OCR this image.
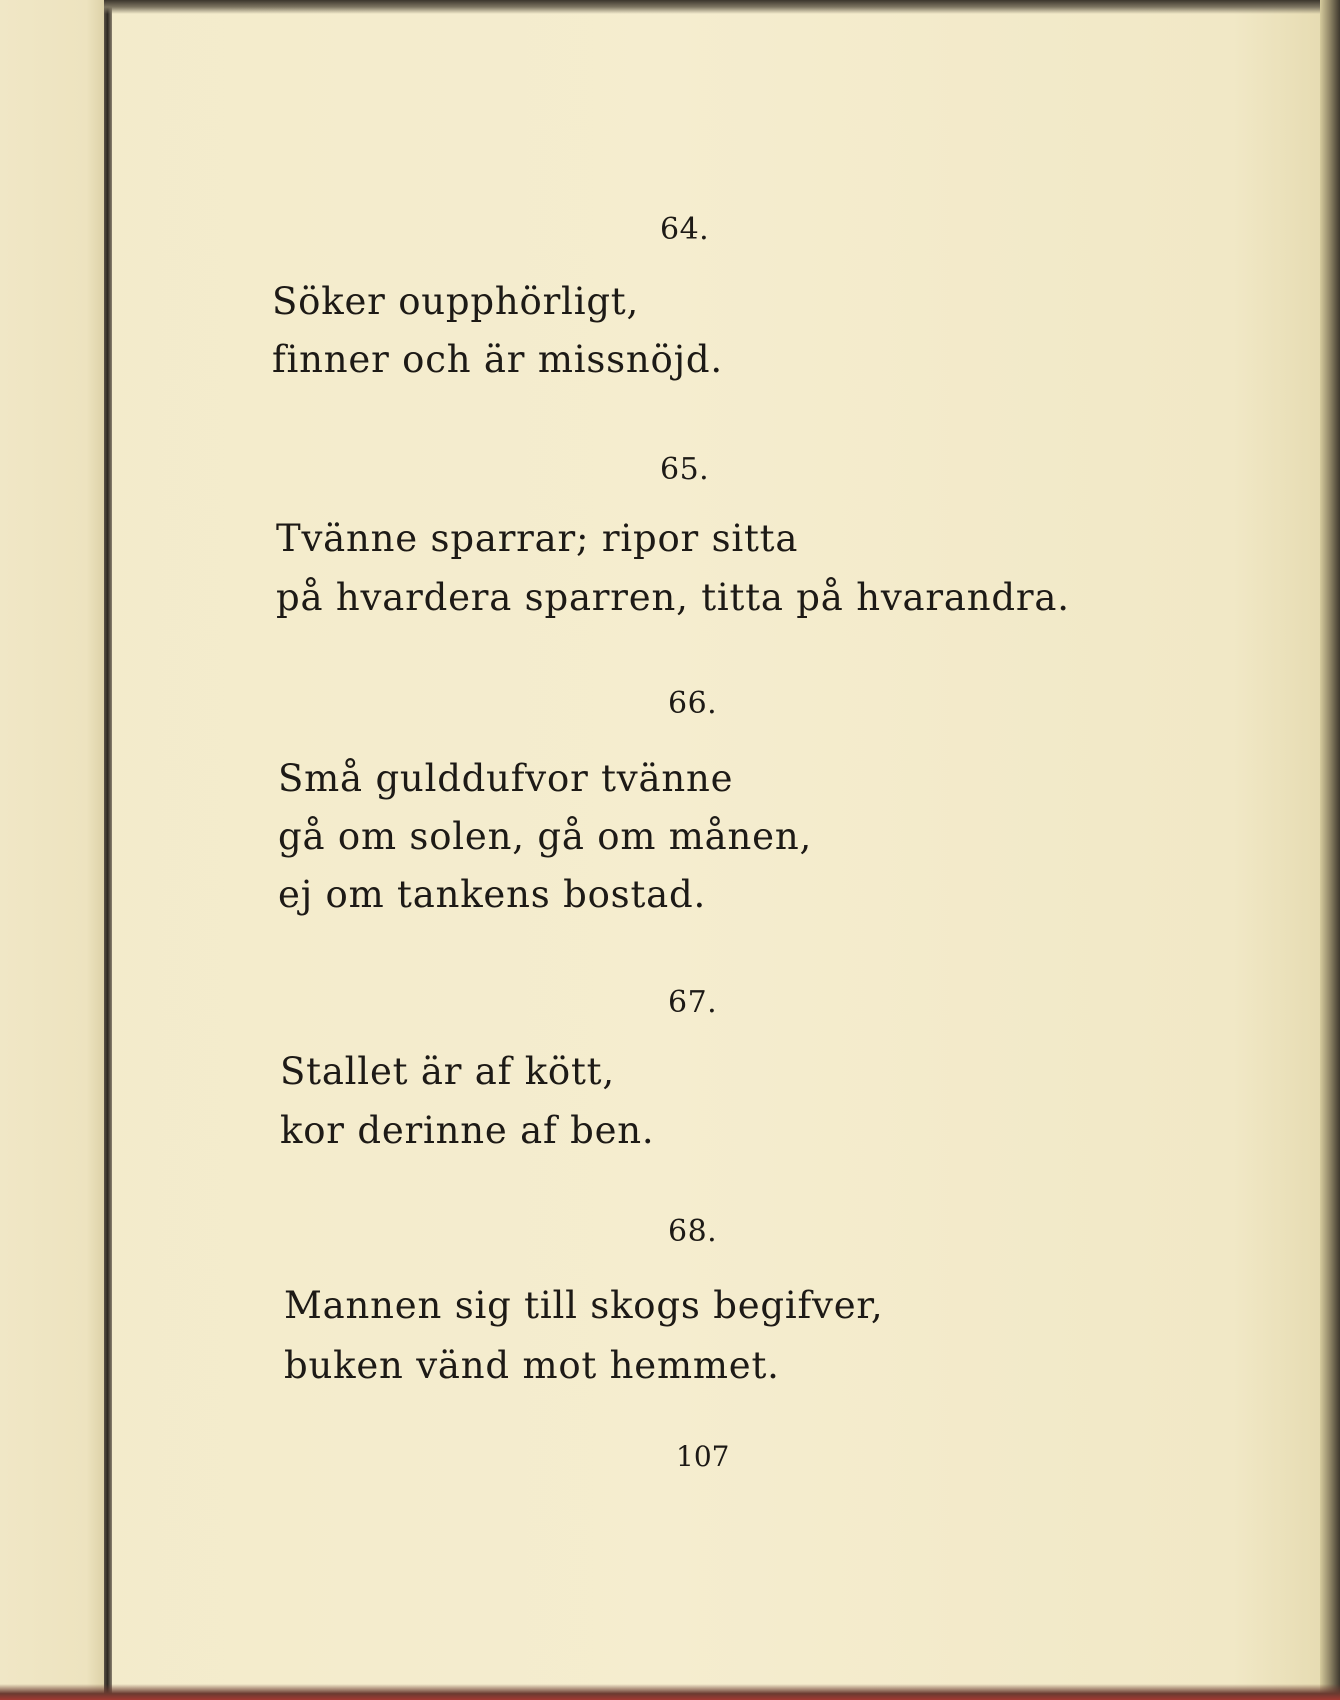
64.
Söker oupphörligt,
finner och är missnöjd.
65.
Tvänne sparrar; ripor sitta
på hvardera sparren, titta på hvarandra.
66.
Små gulddufvor tvänne
gå om solen, gå om månen,
ej om tankens bostad.
67.
Stallet är af kött,
kor derinne af ben.
68.
Mannen sig till skogs begifver,
buken vänd mot hemmet.
107
